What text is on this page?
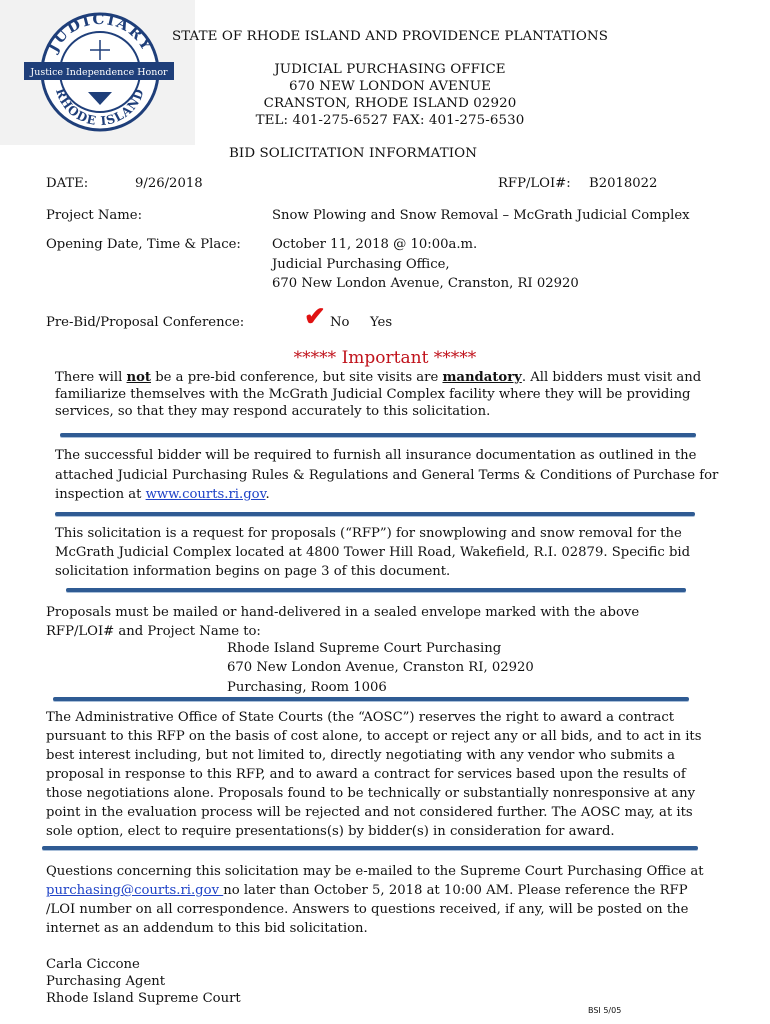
JUDICIARY
RHODE ISLAND
Justice Independence Honor
STATE OF RHODE ISLAND AND PROVIDENCE PLANTATIONS
JUDICIAL PURCHASING OFFICE
670 NEW LONDON AVENUE
CRANSTON, RHODE ISLAND 02920
TEL: 401-275-6527 FAX: 401-275-6530
BID SOLICITATION INFORMATION
DATE:	9/26/2018	RFP/LOI#: B2018022
Project Name:	Snow Plowing and Snow Removal – McGrath Judicial Complex
Opening Date, Time & Place: October 11, 2018 @ 10:00a.m.
Judicial Purchasing Office,
670 New London Avenue, Cranston, RI 02920
Pre-Bid/Proposal Conference: ✔ No Yes
***** Important *****
There will not be a pre-bid conference, but site visits are mandatory. All bidders must visit and familiarize themselves with the McGrath Judicial Complex facility where they will be providing services, so that they may respond accurately to this solicitation.
The successful bidder will be required to furnish all insurance documentation as outlined in the attached Judicial Purchasing Rules & Regulations and General Terms & Conditions of Purchase for inspection at www.courts.ri.gov.
This solicitation is a request for proposals (“RFP”) for snowplowing and snow removal for the McGrath Judicial Complex located at 4800 Tower Hill Road, Wakefield, R.I. 02879. Specific bid solicitation information begins on page 3 of this document.
Proposals must be mailed or hand-delivered in a sealed envelope marked with the above RFP/LOI# and Project Name to:
Rhode Island Supreme Court Purchasing
670 New London Avenue, Cranston RI, 02920
Purchasing, Room 1006
The Administrative Office of State Courts (the “AOSC”) reserves the right to award a contract pursuant to this RFP on the basis of cost alone, to accept or reject any or all bids, and to act in its best interest including, but not limited to, directly negotiating with any vendor who submits a proposal in response to this RFP, and to award a contract for services based upon the results of those negotiations alone. Proposals found to be technically or substantially nonresponsive at any point in the evaluation process will be rejected and not considered further. The AOSC may, at its sole option, elect to require presentations(s) by bidder(s) in consideration for award.
Questions concerning this solicitation may be e-mailed to the Supreme Court Purchasing Office at purchasing@courts.ri.gov no later than October 5, 2018 at 10:00 AM. Please reference the RFP /LOI number on all correspondence. Answers to questions received, if any, will be posted on the internet as an addendum to this bid solicitation.
Carla Ciccone
Purchasing Agent
Rhode Island Supreme Court
BSI 5/05
